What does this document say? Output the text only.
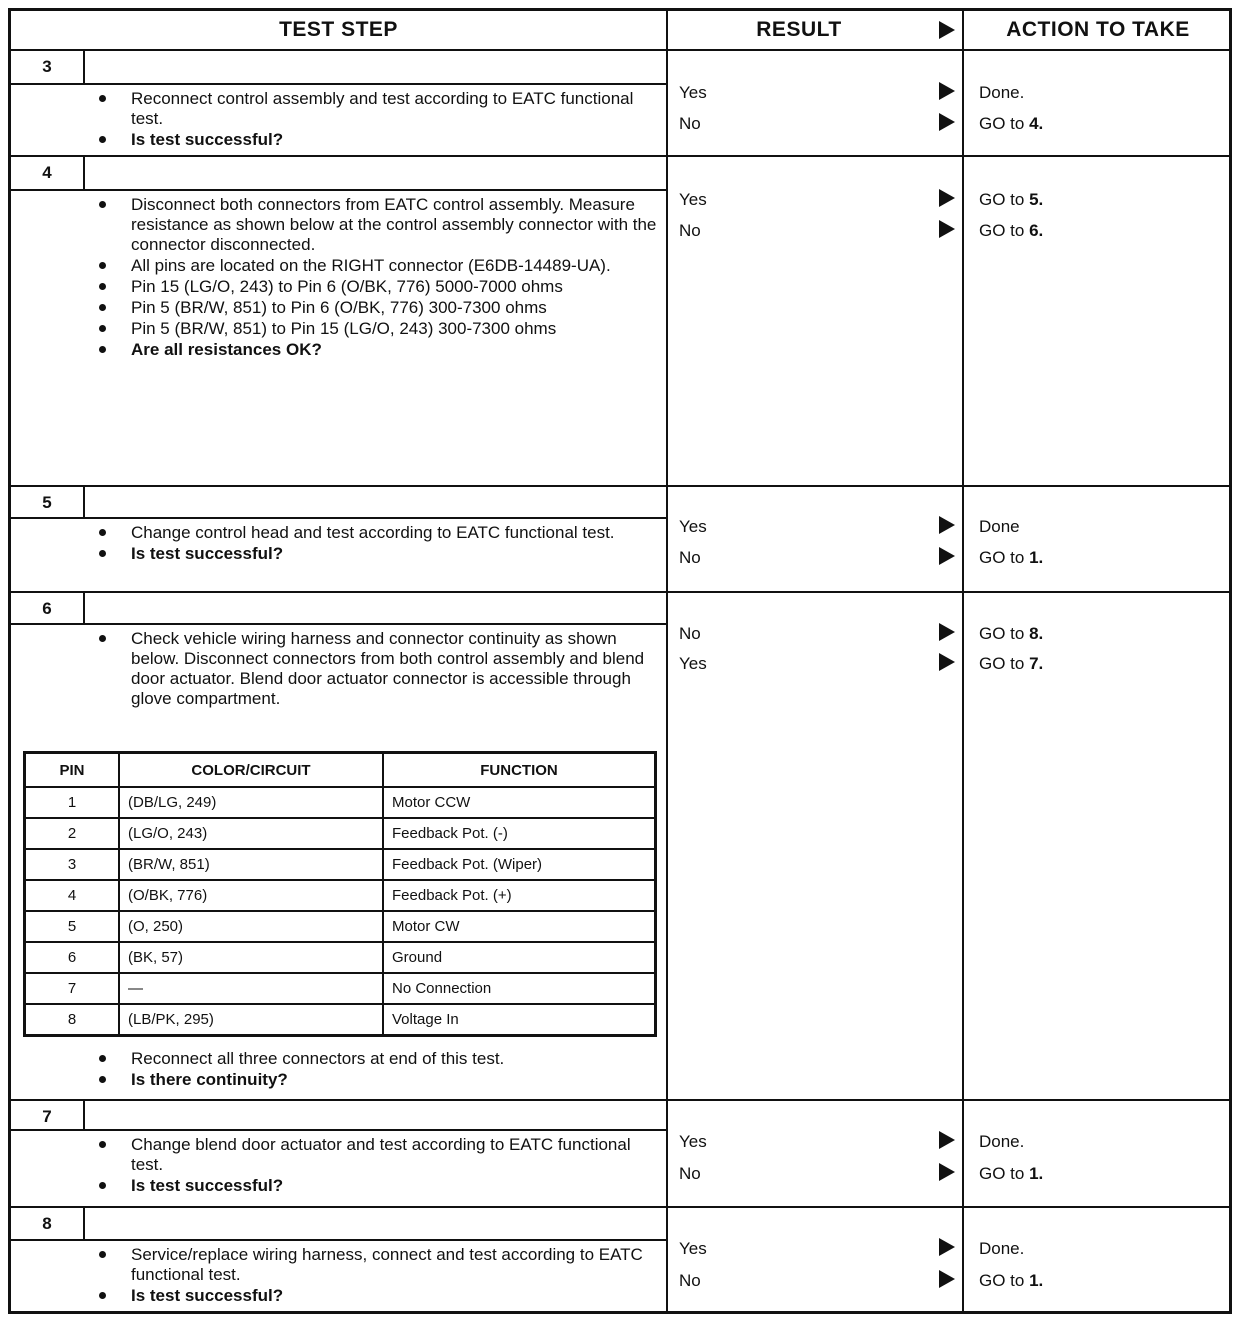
TEST STEP	RESULT	ACTION TO TAKE
3
Reconnect control assembly and test according to EATC functional test.
Is test successful?
Yes	Done.
No	GO to 4.
4
Disconnect both connectors from EATC control assembly. Measure resistance as shown below at the control assembly connector with the connector disconnected.
All pins are located on the RIGHT connector (E6DB-14489-UA).
Pin 15 (LG/O, 243) to Pin 6 (O/BK, 776) 5000-7000 ohms
Pin 5 (BR/W, 851) to Pin 6 (O/BK, 776) 300-7300 ohms
Pin 5 (BR/W, 851) to Pin 15 (LG/O, 243) 300-7300 ohms
Are all resistances OK?
Yes	GO to 5.
No	GO to 6.
5
Change control head and test according to EATC functional test.
Is test successful?
Yes	Done
No	GO to 1.
6
Check vehicle wiring harness and connector continuity as shown below. Disconnect connectors from both control assembly and blend door actuator. Blend door actuator connector is accessible through glove compartment.
Reconnect all three connectors at end of this test.
Is there continuity?
No	GO to 8.
Yes	GO to 7.
7
Change blend door actuator and test according to EATC functional test.
Is test successful?
Yes	Done.
No	GO to 1.
8
Service/replace wiring harness, connect and test according to EATC functional test.
Is test successful?
Yes	Done.
No	GO to 1.
PIN	COLOR/CIRCUIT	FUNCTION
1	(DB/LG, 249)	Motor CCW
2	(LG/O, 243)	Feedback Pot. (-)
3	(BR/W, 851)	Feedback Pot. (Wiper)
4	(O/BK, 776)	Feedback Pot. (+)
5	(O, 250)	Motor CW
6	(BK, 57)	Ground
7	—	No Connection
8	(LB/PK, 295)	Voltage In
